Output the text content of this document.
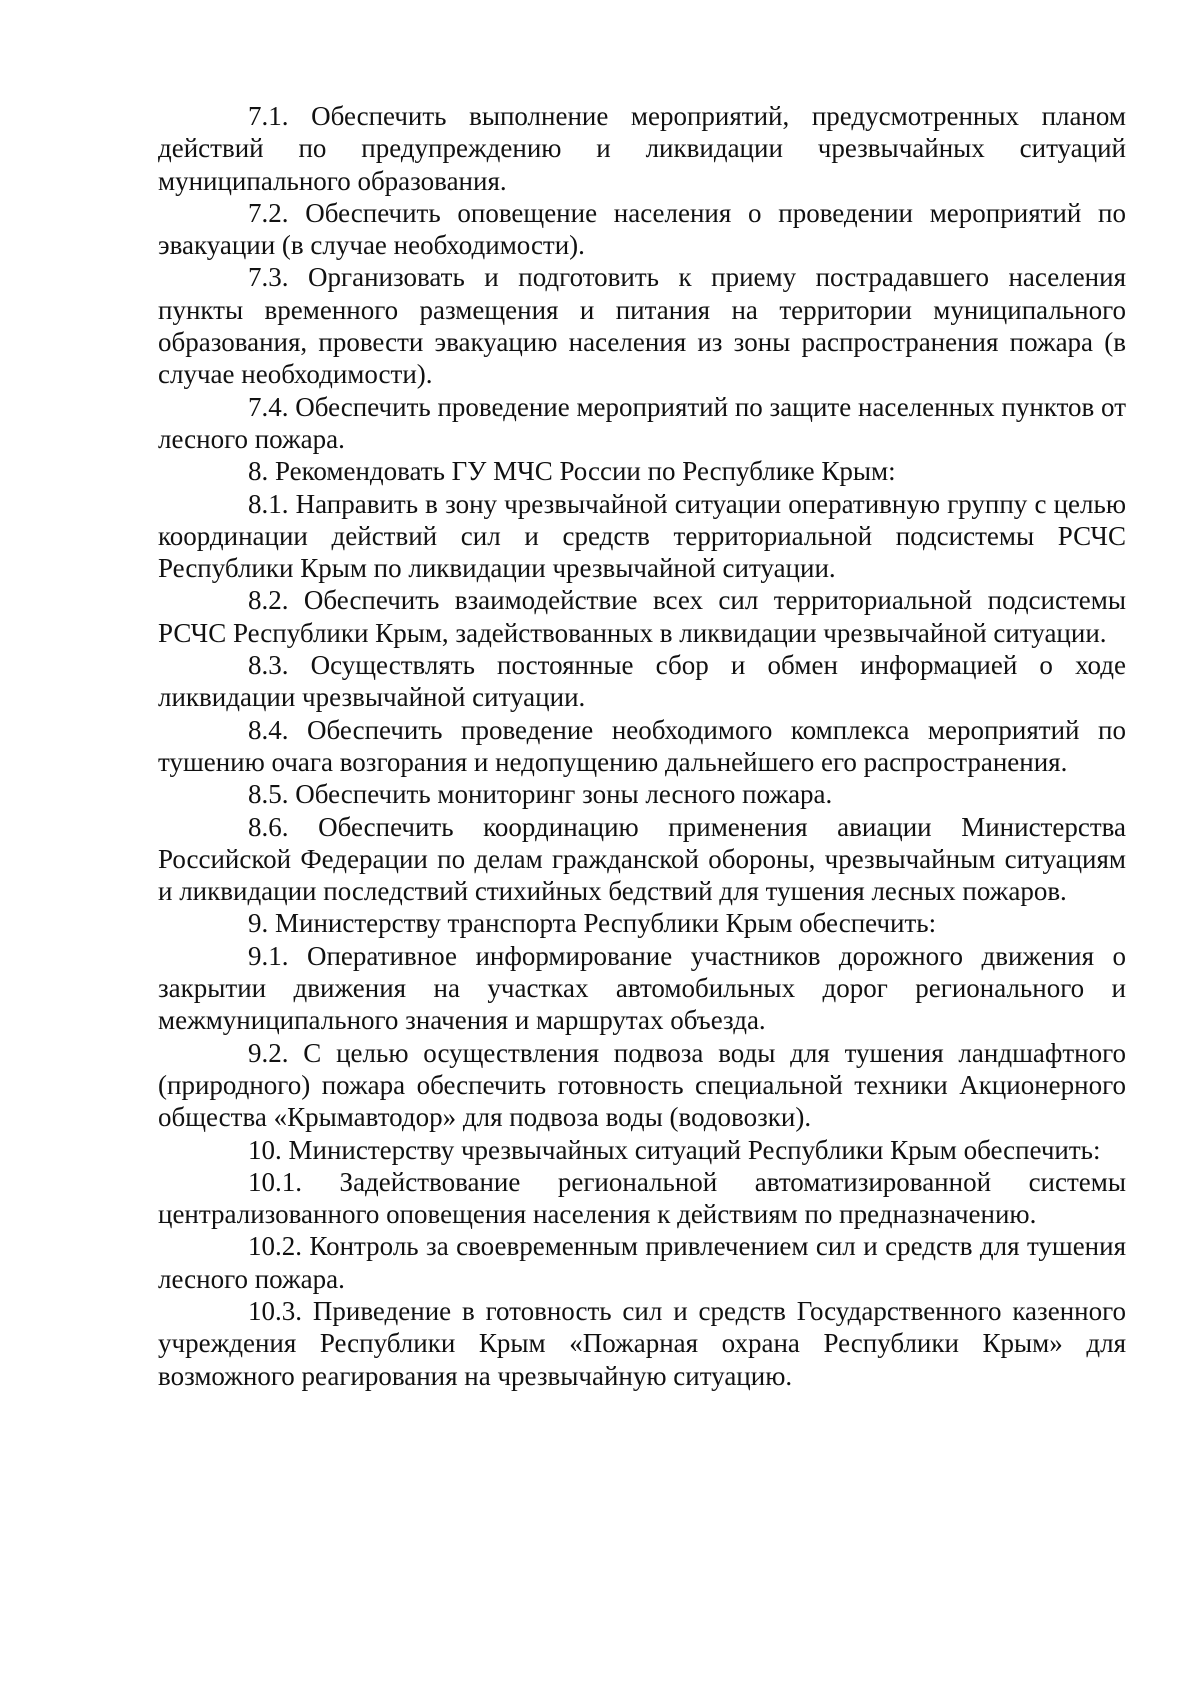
7.1. Обеспечить выполнение мероприятий, предусмотренных планом действий по предупреждению и ликвидации чрезвычайных ситуаций муниципального образования.

7.2. Обеспечить оповещение населения о проведении мероприятий по эвакуации (в случае необходимости).

7.3. Организовать и подготовить к приему пострадавшего населения пункты временного размещения и питания на территории муниципального образования, провести эвакуацию населения из зоны распространения пожара (в случае необходимости).

7.4. Обеспечить проведение мероприятий по защите населенных пунктов от лесного пожара.

8. Рекомендовать ГУ МЧС России по Республике Крым:

8.1. Направить в зону чрезвычайной ситуации оперативную группу с целью координации действий сил и средств территориальной подсистемы РСЧС Республики Крым по ликвидации чрезвычайной ситуации.

8.2. Обеспечить взаимодействие всех сил территориальной подсистемы РСЧС Республики Крым, задействованных в ликвидации чрезвычайной ситуации.

8.3. Осуществлять постоянные сбор и обмен информацией о ходе ликвидации чрезвычайной ситуации.

8.4. Обеспечить проведение необходимого комплекса мероприятий по тушению очага возгорания и недопущению дальнейшего его распространения.

8.5. Обеспечить мониторинг зоны лесного пожара.

8.6. Обеспечить координацию применения авиации Министерства Российской Федерации по делам гражданской обороны, чрезвычайным ситуациям и ликвидации последствий стихийных бедствий для тушения лесных пожаров.

9. Министерству транспорта Республики Крым обеспечить:

9.1. Оперативное информирование участников дорожного движения о закрытии движения на участках автомобильных дорог регионального и межмуниципального значения и маршрутах объезда.

9.2. С целью осуществления подвоза воды для тушения ландшафтного (природного) пожара обеспечить готовность специальной техники Акционерного общества «Крымавтодор» для подвоза воды (водовозки).

10. Министерству чрезвычайных ситуаций Республики Крым обеспечить:

10.1. Задействование региональной автоматизированной системы централизованного оповещения населения к действиям по предназначению.

10.2. Контроль за своевременным привлечением сил и средств для тушения лесного пожара.

10.3. Приведение в готовность сил и средств Государственного казенного учреждения Республики Крым «Пожарная охрана Республики Крым» для возможного реагирования на чрезвычайную ситуацию.
